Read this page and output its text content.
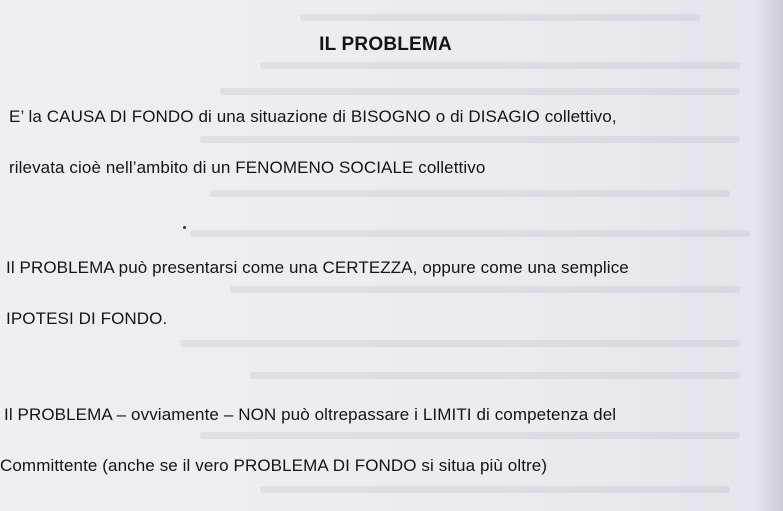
IL PROBLEMA
E’ la CAUSA DI FONDO di una situazione di BISOGNO o di DISAGIO collettivo,
rilevata cioè nell’ambito di un FENOMENO SOCIALE collettivo
Il PROBLEMA può presentarsi come una CERTEZZA, oppure come una semplice
IPOTESI DI FONDO.
Il PROBLEMA – ovviamente – NON può oltrepassare i LIMITI di competenza del
Committente (anche se il vero PROBLEMA DI FONDO si situa più oltre)
